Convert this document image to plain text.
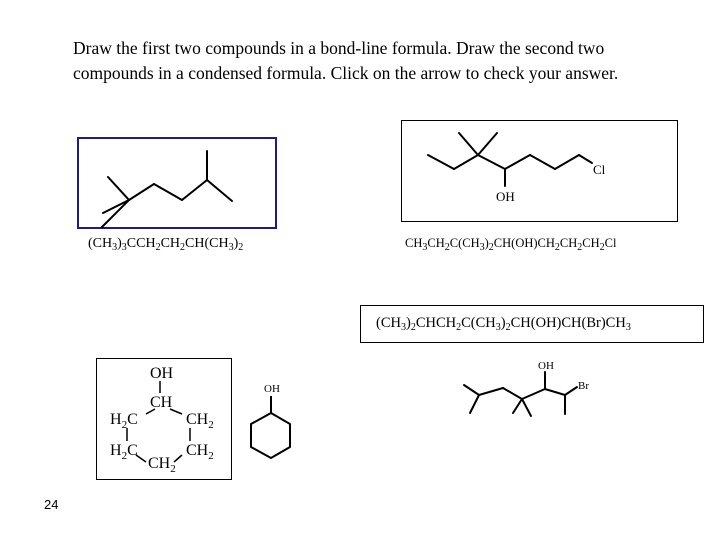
Draw the first two compounds in a bond-line formula. Draw the second two compounds in a condensed formula. Click on the arrow to check your answer.

$(CH_3)_3CCH_2CH_2CH(CH_3)_2$
Cl
OH
$CH_3CH_2C(CH_3)_2CH(OH)CH_2CH_2CH_2Cl$
$(CH_3)_2CHCH_2C(CH_3)_2CH(OH)CH(Br)CH_3$
OH
Br
OH
CH
$H_2C$	$CH_2$
$H_2C$	$CH_2$
$CH_2$
OH
24
